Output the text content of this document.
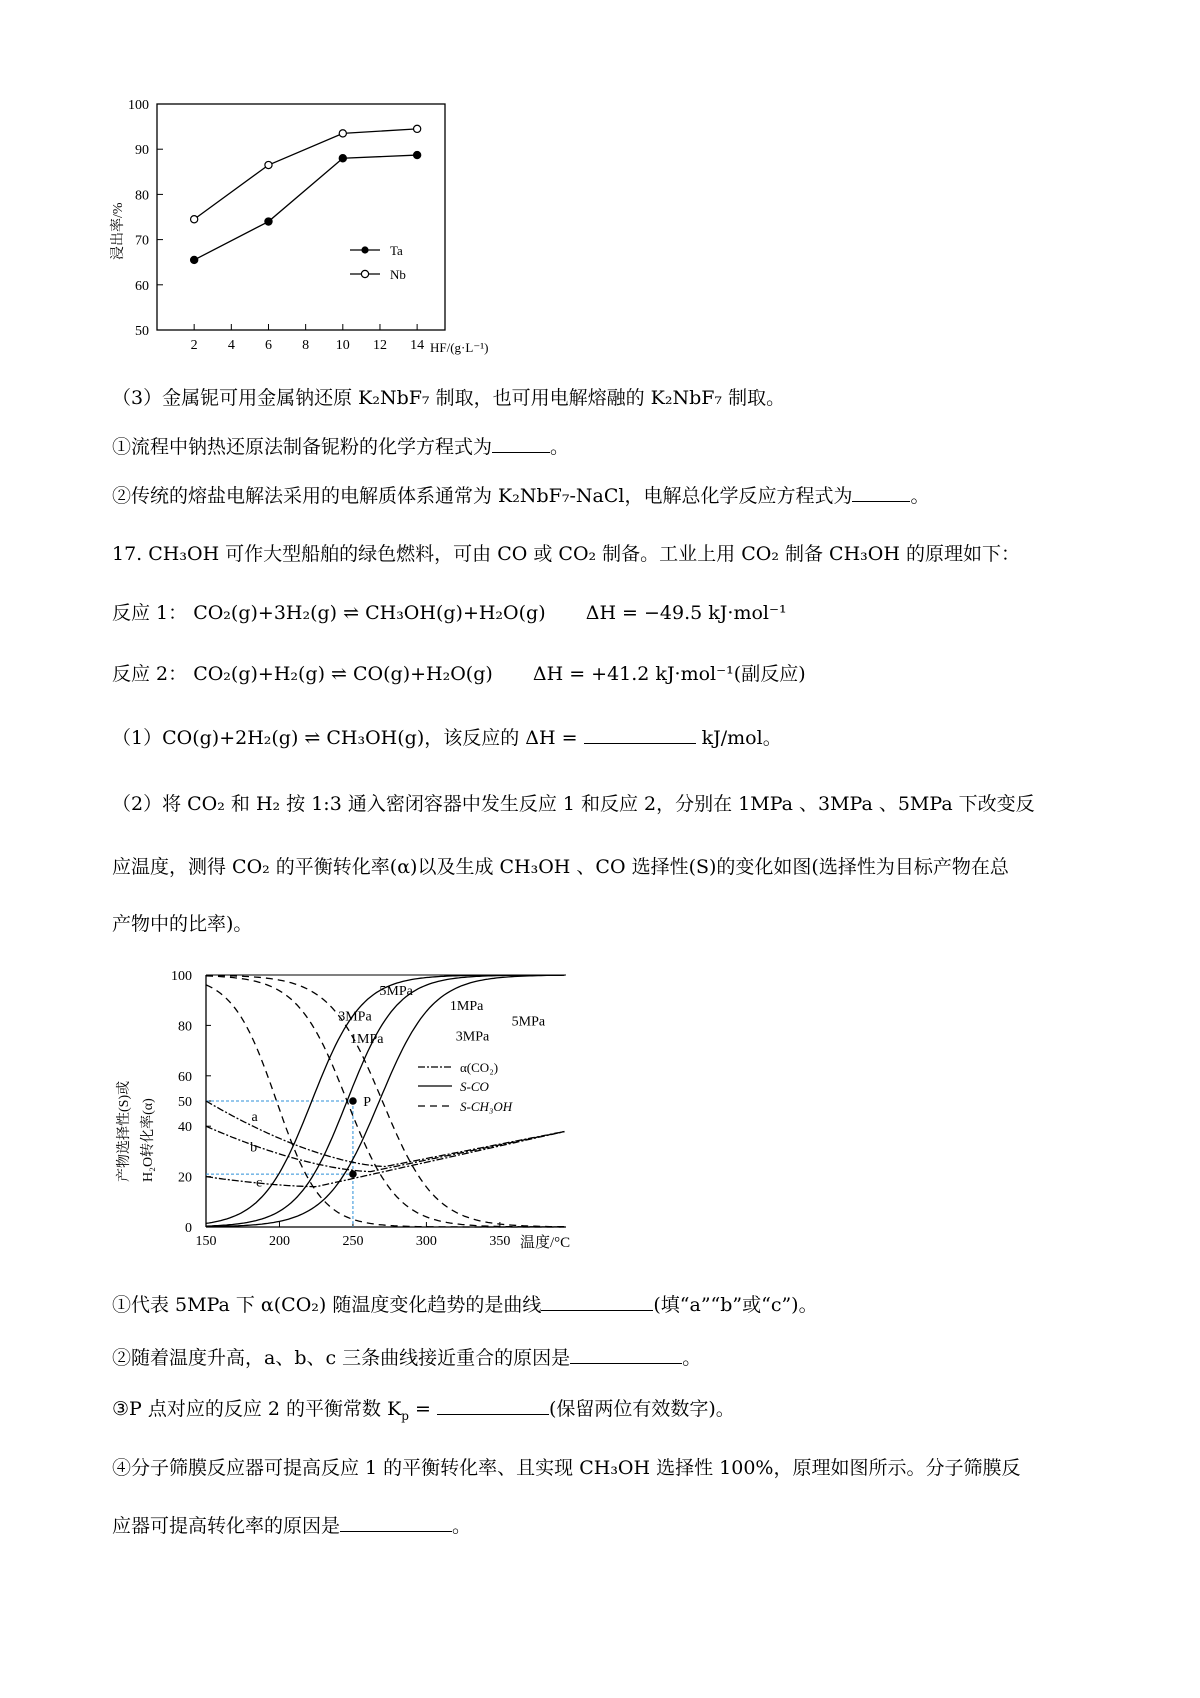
100
90
80
70
60
50
2 4 6 8 10 12 14
浸出率/%
HF/(g·L⁻¹)
Ta
Nb
（3）金属铌可用金属钠还原 K₂NbF₇ 制取，也可用电解熔融的 K₂NbF₇ 制取。
①流程中钠热还原法制备铌粉的化学方程式为	。
②传统的熔盐电解法采用的电解质体系通常为 K₂NbF₇-NaCl，电解总化学反应方程式为	。
17. CH₃OH 可作大型船舶的绿色燃料，可由 CO 或 CO₂ 制备。工业上用 CO₂ 制备 CH₃OH 的原理如下：
反应 1： CO₂(g)+3H₂(g) ⇌ CH₃OH(g)+H₂O(g) ΔH = −49.5 kJ·mol⁻¹
反应 2： CO₂(g)+H₂(g) ⇌ CO(g)+H₂O(g) ΔH = +41.2 kJ·mol⁻¹(副反应)
（1）CO(g)+2H₂(g) ⇌ CH₃OH(g)，该反应的 ΔH =	kJ/mol。
（2）将 CO₂ 和 H₂ 按 1:3 通入密闭容器中发生反应 1 和反应 2，分别在 1MPa 、3MPa 、5MPa 下改变反
应温度，测得 CO₂ 的平衡转化率(α)以及生成 CH₃OH 、CO 选择性(S)的变化如图(选择性为目标产物在总
产物中的比率)。
100
80
60
50
40
20
0
150	200	250	300	350
5MPa
3MPa
1MPa
1MPa	3MPa
5MPa
a
b
c
P
产物选择性(S)或 H₂O转化率(α)
温度/°C
α(CO₂)
S-CO
S-CH₃OH
①代表 5MPa 下 α(CO₂) 随温度变化趋势的是曲线	(填“a”“b”或“c”)。
②随着温度升高，a、b、c 三条曲线接近重合的原因是	。
③P 点对应的反应 2 的平衡常数 $K_p$ =	(保留两位有效数字)。
④分子筛膜反应器可提高反应 1 的平衡转化率、且实现 CH₃OH 选择性 100%，原理如图所示。分子筛膜反
应器可提高转化率的原因是	。
